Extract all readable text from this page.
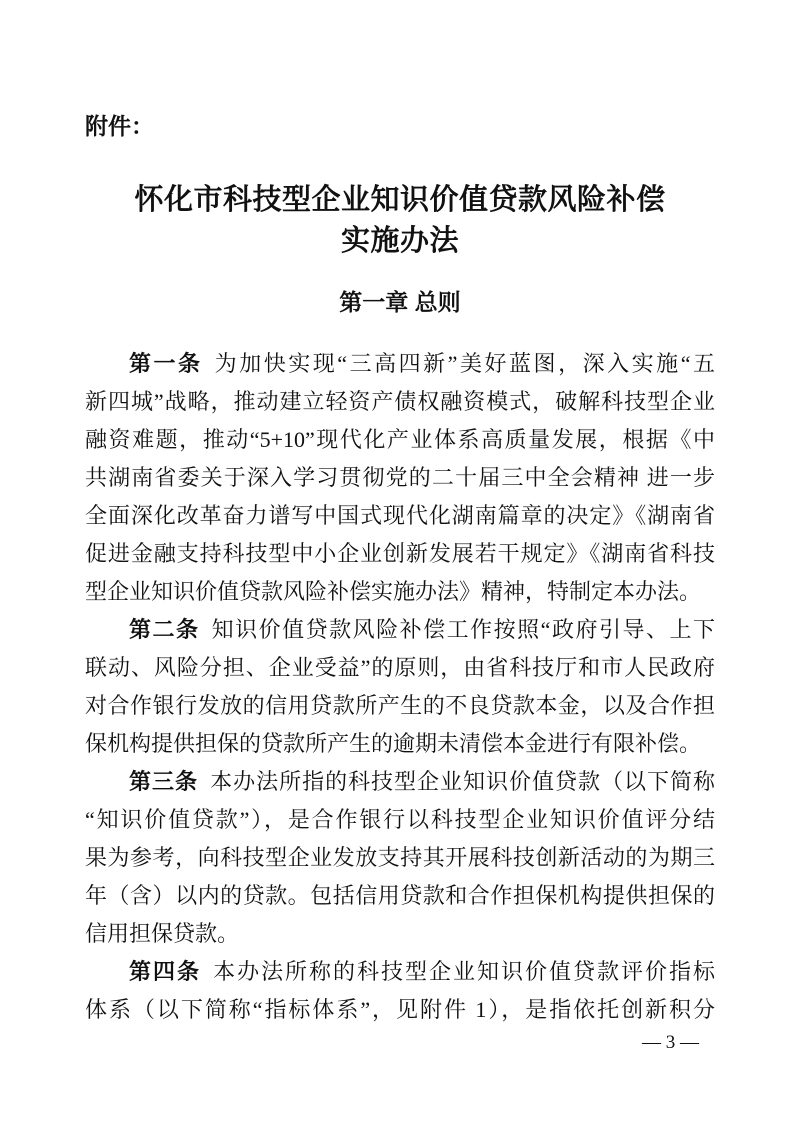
附件：
怀化市科技型企业知识价值贷款风险补偿
实施办法
第一章 总则
第一条 为加快实现“三高四新”美好蓝图，深入实施“五
新四城”战略，推动建立轻资产债权融资模式，破解科技型企业
融资难题，推动“5+10”现代化产业体系高质量发展，根据《中
共湖南省委关于深入学习贯彻党的二十届三中全会精神 进一步
全面深化改革奋力谱写中国式现代化湖南篇章的决定》《湖南省
促进金融支持科技型中小企业创新发展若干规定》《湖南省科技
型企业知识价值贷款风险补偿实施办法》精神，特制定本办法。
第二条 知识价值贷款风险补偿工作按照“政府引导、上下
联动、风险分担、企业受益”的原则，由省科技厅和市人民政府
对合作银行发放的信用贷款所产生的不良贷款本金，以及合作担
保机构提供担保的贷款所产生的逾期未清偿本金进行有限补偿。
第三条 本办法所指的科技型企业知识价值贷款（以下简称
“知识价值贷款”），是合作银行以科技型企业知识价值评分结
果为参考，向科技型企业发放支持其开展科技创新活动的为期三
年（含）以内的贷款。包括信用贷款和合作担保机构提供担保的
信用担保贷款。
第四条 本办法所称的科技型企业知识价值贷款评价指标
体系（以下简称“指标体系”，见附件 1），是指依托创新积分
— 3 —
